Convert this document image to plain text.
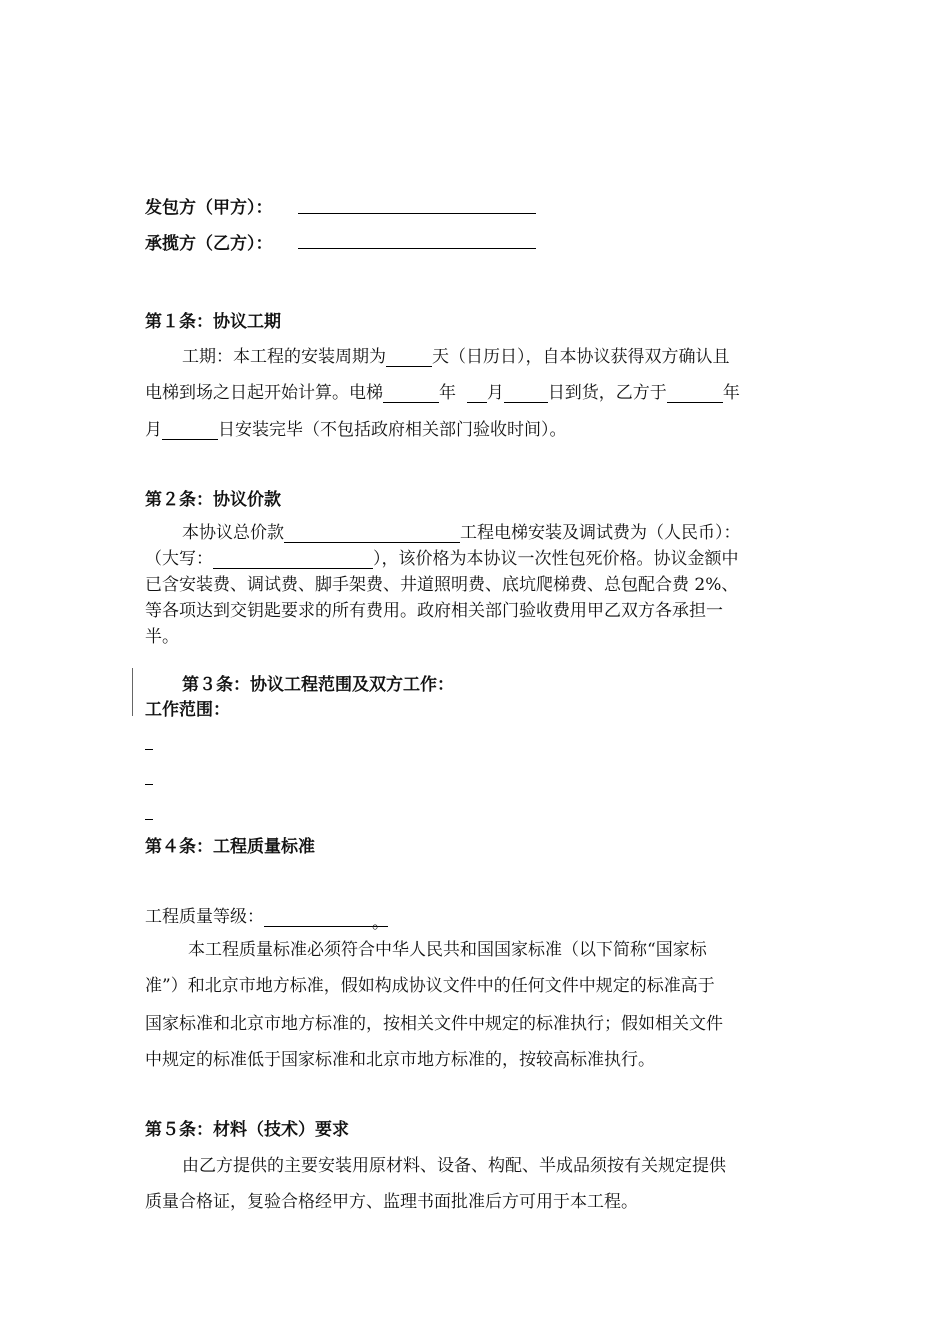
发包方（甲方）：
承揽方（乙方）：
第１条：协议工期
工期：本工程的安装周期为	天（日历日），自本协议获得双方确认且
电梯到场之日起开始计算。电梯	年 月	日到货，乙方于	年
月	日安装完毕（不包括政府相关部门验收时间）。
第２条：协议价款
本协议总价款	工程电梯安装及调试费为（人民币）：
（大写：	），该价格为本协议一次性包死价格。协议金额中
已含安装费、调试费、脚手架费、井道照明费、底坑爬梯费、总包配合费 2%、
等各项达到交钥匙要求的所有费用。政府相关部门验收费用甲乙双方各承担一
半。
第３条：协议工程范围及双方工作：
工作范围：
第４条：工程质量标准
工程质量等级：	。
本工程质量标准必须符合中华人民共和国国家标准（以下简称“国家标
准”）和北京市地方标准，假如构成协议文件中的任何文件中规定的标准高于
国家标准和北京市地方标准的，按相关文件中规定的标准执行；假如相关文件
中规定的标准低于国家标准和北京市地方标准的，按较高标准执行。
第５条：材料（技术）要求
由乙方提供的主要安装用原材料、设备、构配、半成品须按有关规定提供
质量合格证，复验合格经甲方、监理书面批准后方可用于本工程。
